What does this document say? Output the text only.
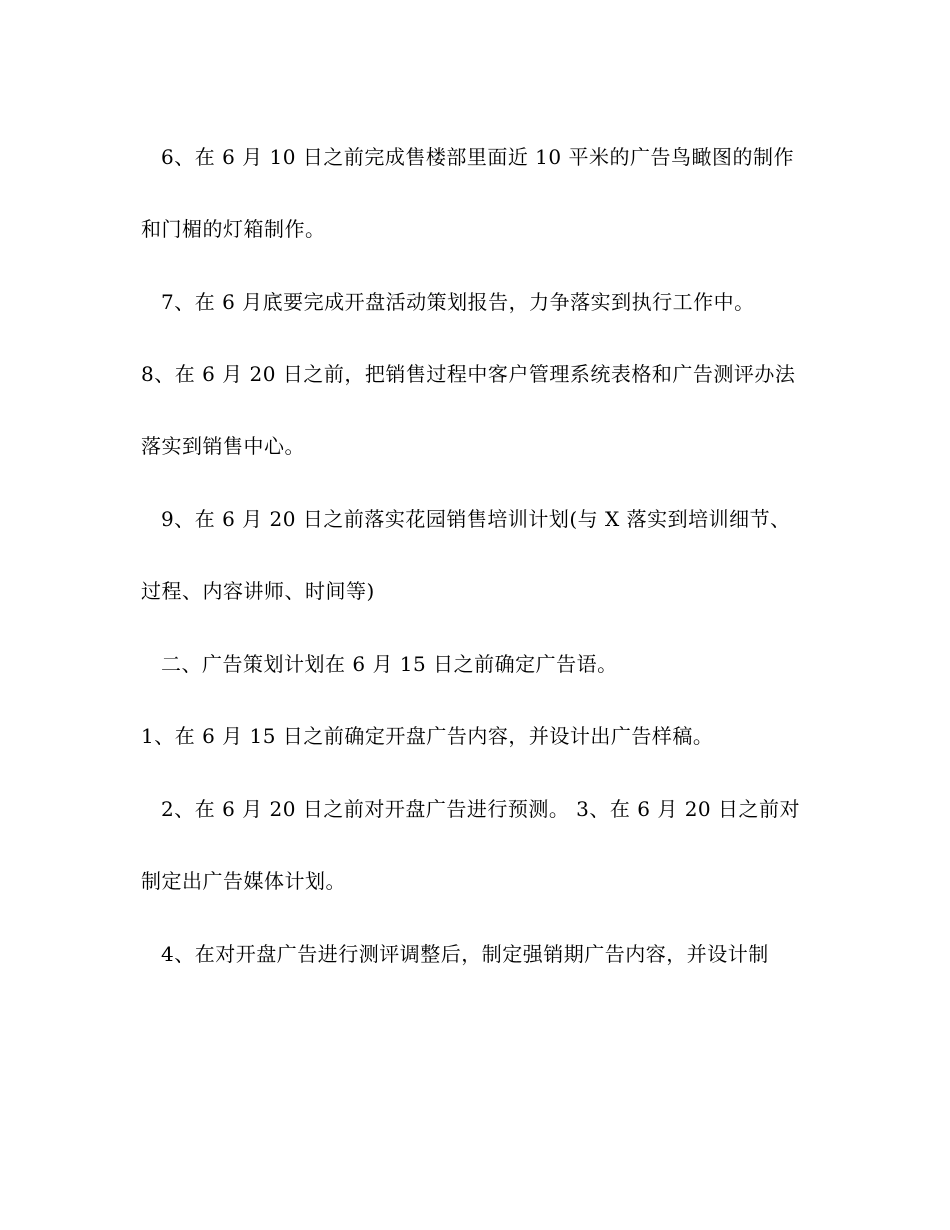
6、在 6 月 10 日之前完成售楼部里面近 10 平米的广告鸟瞰图的制作
和门楣的灯箱制作。
7、在 6 月底要完成开盘活动策划报告，力争落实到执行工作中。
8、在 6 月 20 日之前，把销售过程中客户管理系统表格和广告测评办法
落实到销售中心。
9、在 6 月 20 日之前落实花园销售培训计划(与 X 落实到培训细节、
过程、内容讲师、时间等)
二、广告策划计划在 6 月 15 日之前确定广告语。
1、在 6 月 15 日之前确定开盘广告内容，并设计出广告样稿。
2、在 6 月 20 日之前对开盘广告进行预测。 3、在 6 月 20 日之前对
制定出广告媒体计划。
4、在对开盘广告进行测评调整后，制定强销期广告内容，并设计制
